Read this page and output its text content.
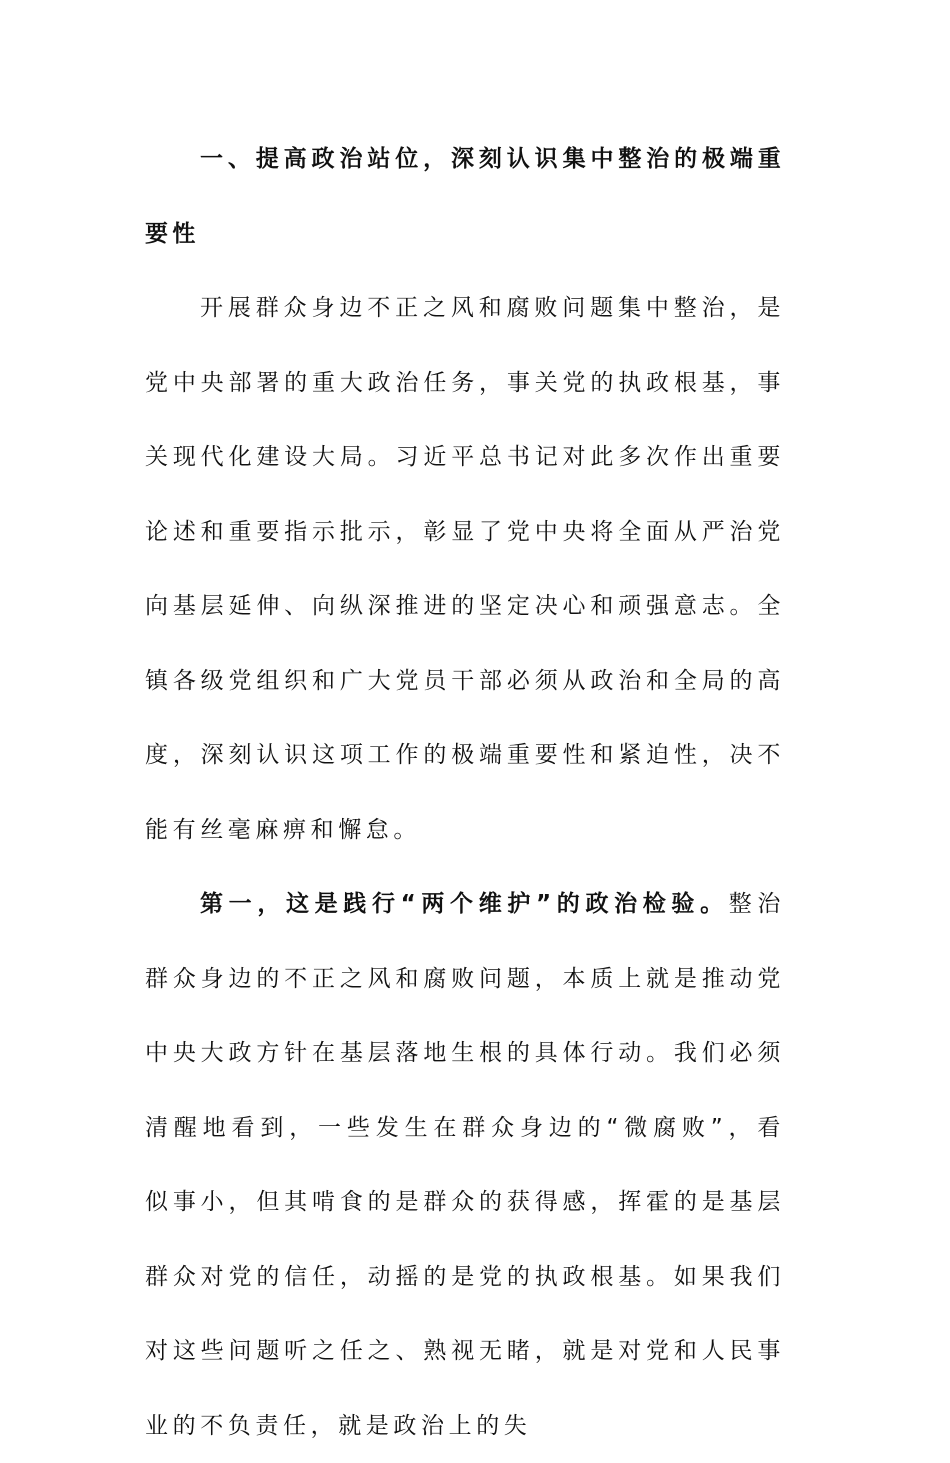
一、提高政治站位，深刻认识集中整治的极端重要性

开展群众身边不正之风和腐败问题集中整治，是党中央部署的重大政治任务，事关党的执政根基，事关现代化建设大局。习近平总书记对此多次作出重要论述和重要指示批示，彰显了党中央将全面从严治党向基层延伸、向纵深推进的坚定决心和顽强意志。全镇各级党组织和广大党员干部必须从政治和全局的高度，深刻认识这项工作的极端重要性和紧迫性，决不能有丝毫麻痹和懈怠。

第一，这是践行“两个维护”的政治检验。整治群众身边的不正之风和腐败问题，本质上就是推动党中央大政方针在基层落地生根的具体行动。我们必须清醒地看到，一些发生在群众身边的“微腐败”，看似事小，但其啃食的是群众的获得感，挥霍的是基层群众对党的信任，动摇的是党的执政根基。如果我们对这些问题听之任之、熟视无睹，就是对党和人民事业的不负责任，就是政治上的失
